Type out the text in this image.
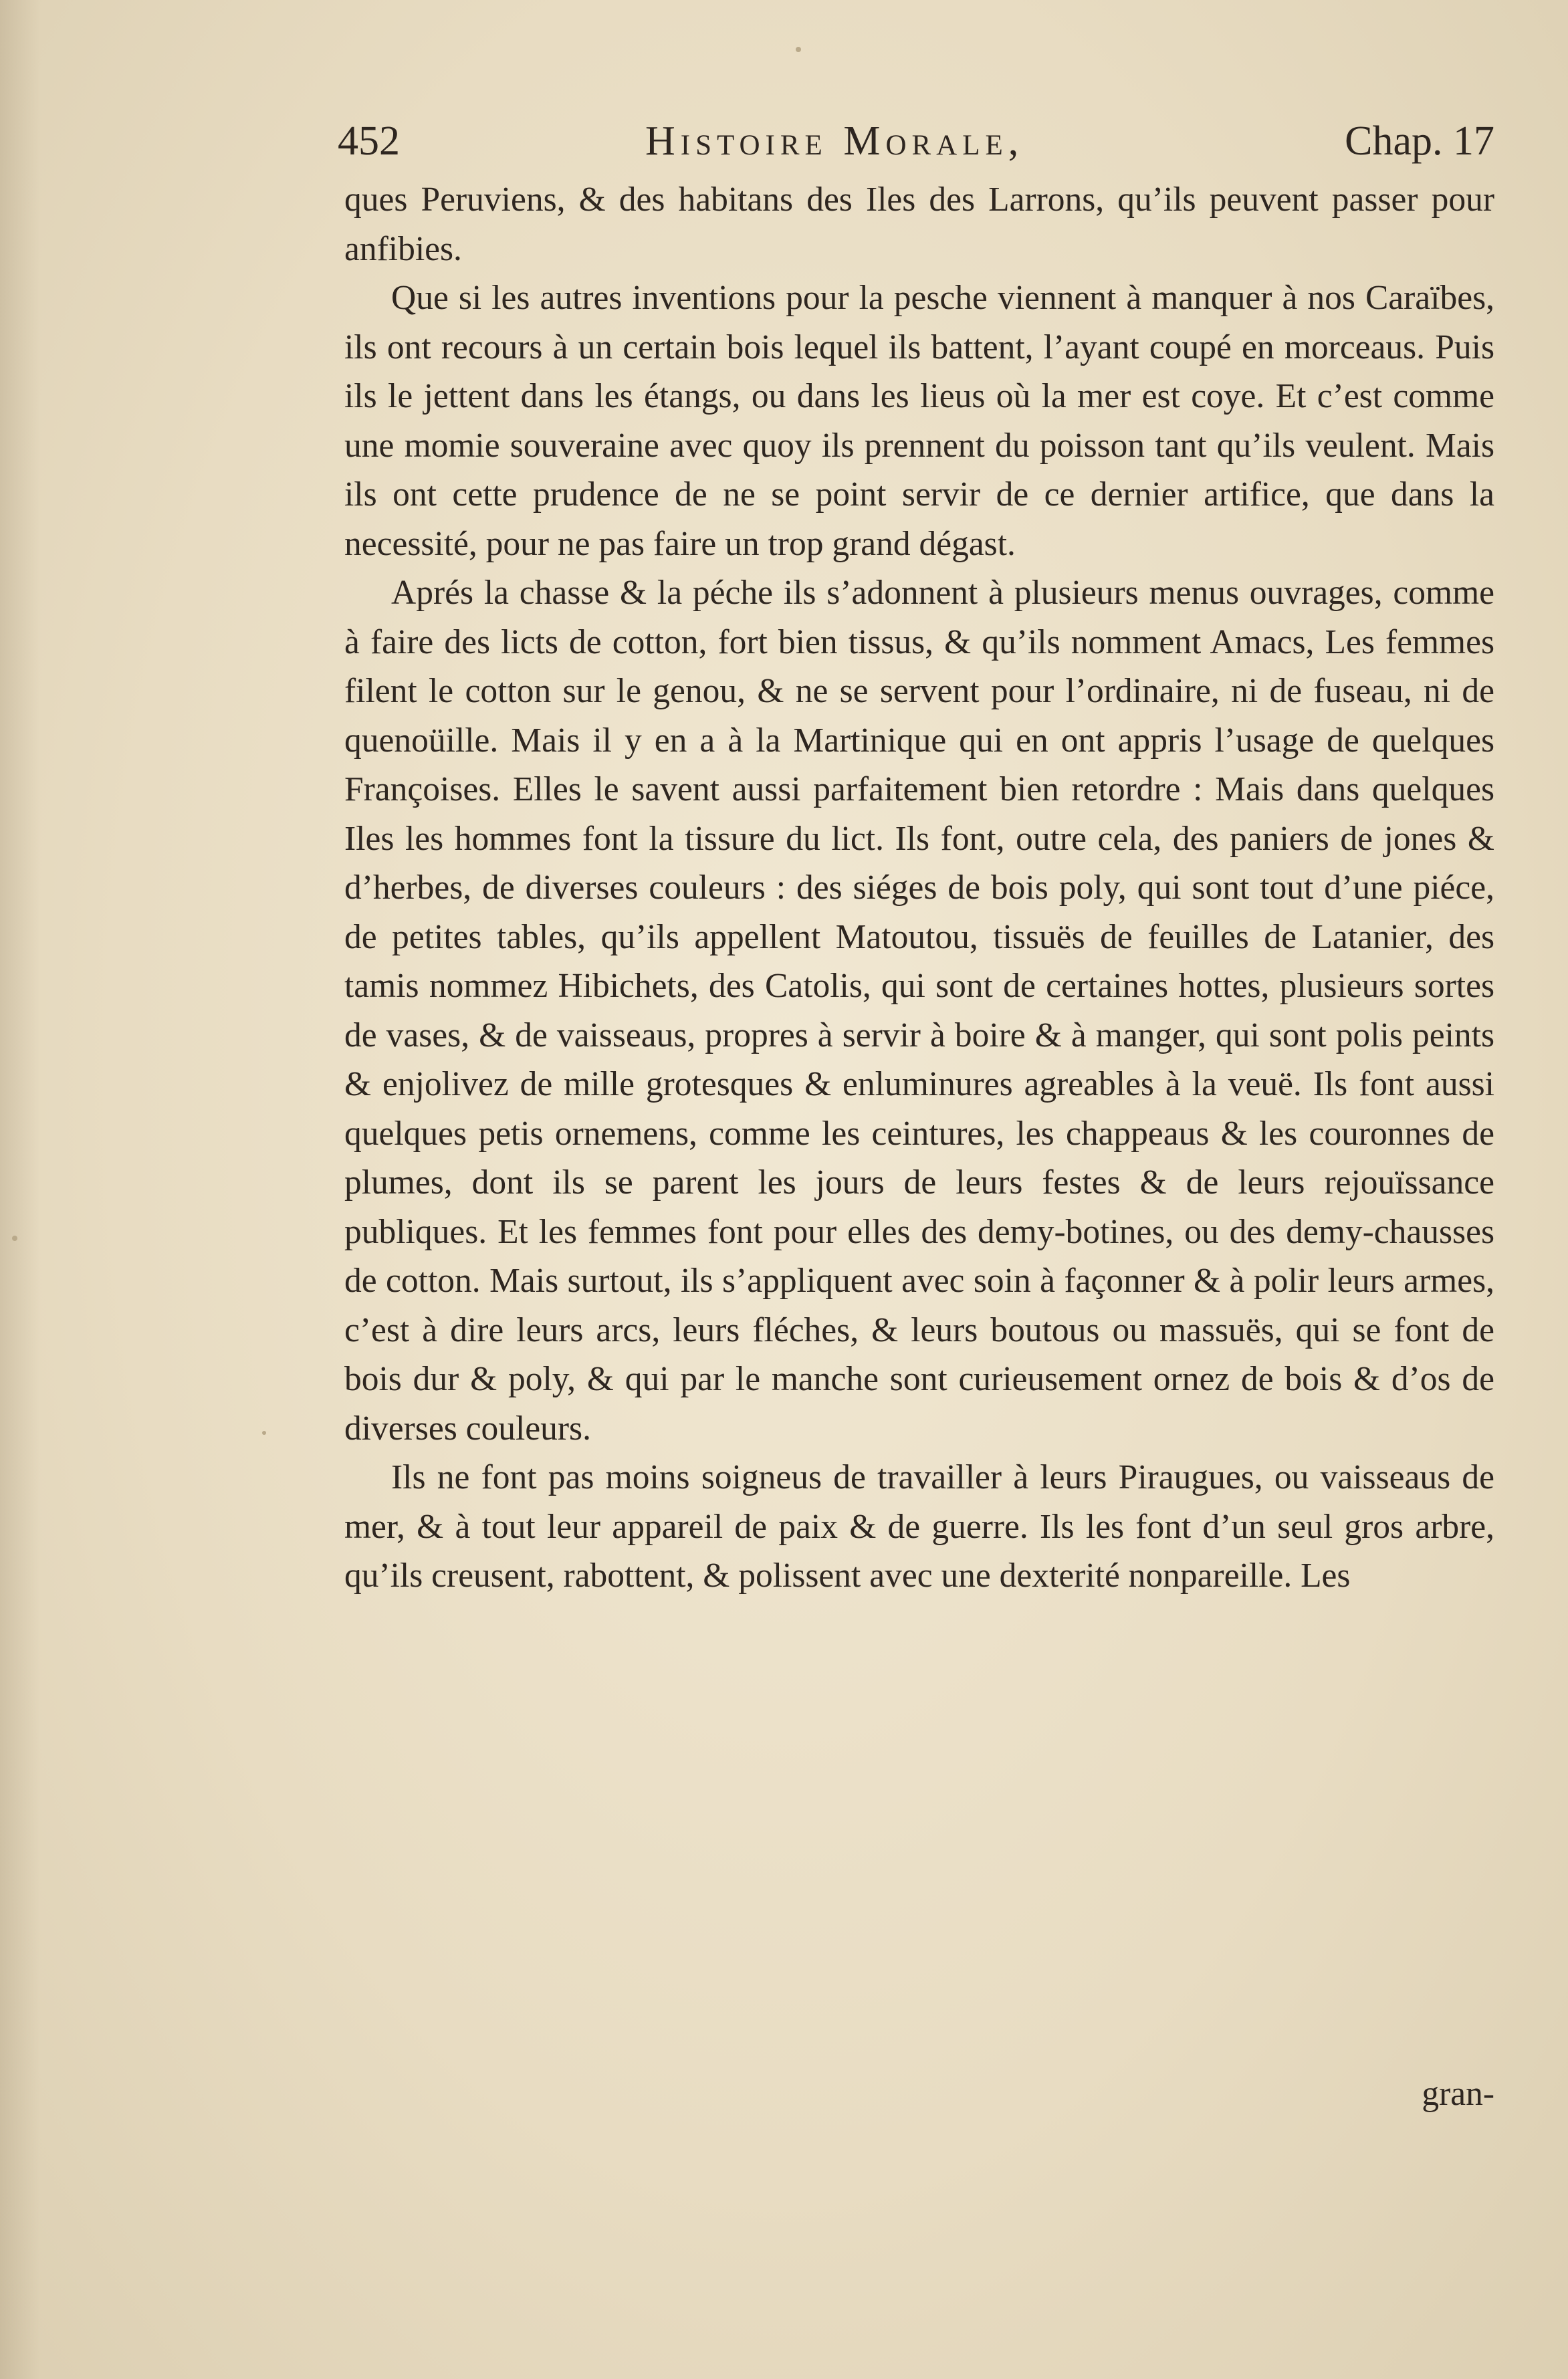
452	Histoire Morale,	Chap. 17

ques Peruviens, & des habitans des Iles des Larrons, qu’ils peuvent passer pour anfibies.

Que si les autres inventions pour la pesche viennent à manquer à nos Caraïbes, ils ont recours à un certain bois lequel ils battent, l’ayant coupé en morceaus. Puis ils le jettent dans les étangs, ou dans les lieus où la mer est coye. Et c’est comme une momie souveraine avec quoy ils prennent du poisson tant qu’ils veulent. Mais ils ont cette prudence de ne se point servir de ce dernier artifice, que dans la necessité, pour ne pas faire un trop grand dégast.

Aprés la chasse & la péche ils s’adonnent à plusieurs menus ouvrages, comme à faire des licts de cotton, fort bien tissus, & qu’ils nomment Amacs, Les femmes filent le cotton sur le genou, & ne se servent pour l’ordinaire, ni de fuseau, ni de quenoüille. Mais il y en a à la Martinique qui en ont appris l’usage de quelques Françoises. Elles le savent aussi parfaitement bien retordre : Mais dans quelques Iles les hommes font la tissure du lict. Ils font, outre cela, des paniers de jones & d’herbes, de diverses couleurs : des siéges de bois poly, qui sont tout d’une piéce, de petites tables, qu’ils appellent Matoutou, tissuës de feuilles de Latanier, des tamis nommez Hibichets, des Catolis, qui sont de certaines hottes, plusieurs sortes de vases, & de vaisseaus, propres à servir à boire & à manger, qui sont polis peints & enjolivez de mille grotesques & enluminures agreables à la veuë. Ils font aussi quelques petis ornemens, comme les ceintures, les chappeaus & les couronnes de plumes, dont ils se parent les jours de leurs festes & de leurs rejouïssance publiques. Et les femmes font pour elles des demy-botines, ou des demy-chausses de cotton. Mais surtout, ils s’appliquent avec soin à façonner & à polir leurs armes, c’est à dire leurs arcs, leurs fléches, & leurs boutous ou massuës, qui se font de bois dur & poly, & qui par le manche sont curieusement ornez de bois & d’os de diverses couleurs.

Ils ne font pas moins soigneus de travailler à leurs Piraugues, ou vaisseaus de mer, & à tout leur appareil de paix & de guerre. Ils les font d’un seul gros arbre, qu’ils creusent, rabottent, & polissent avec une dexterité nonpareille. Les

gran-
